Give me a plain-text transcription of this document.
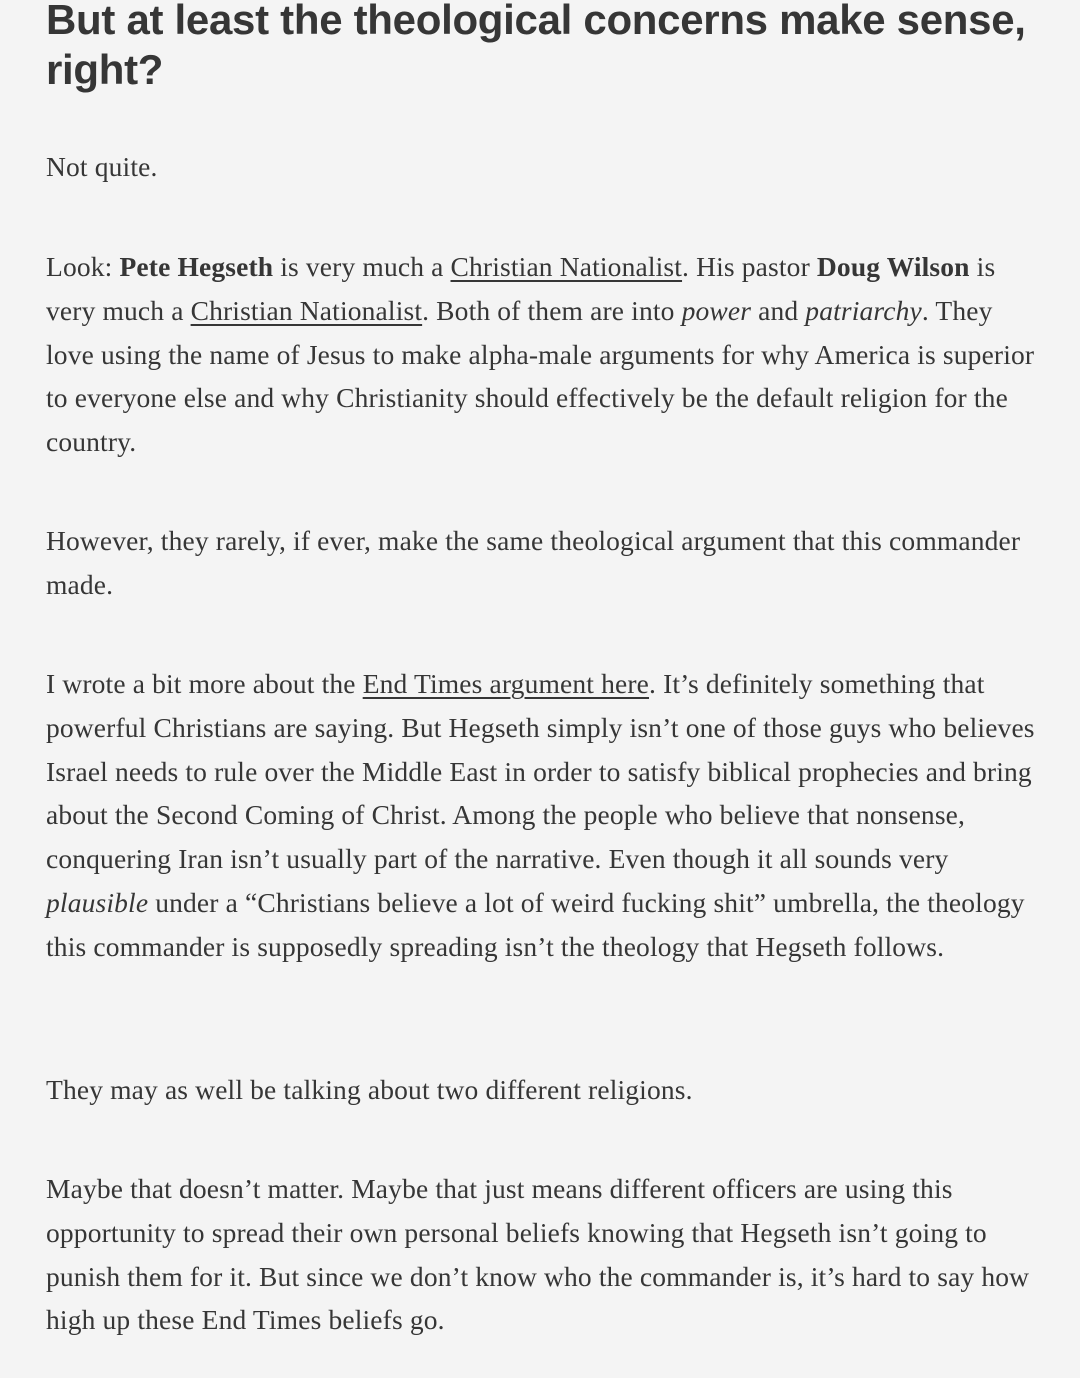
But at least the theological concerns make sense, right?

Not quite.

Look: Pete Hegseth is very much a Christian Nationalist. His pastor Doug Wilson is very much a Christian Nationalist. Both of them are into power and patriarchy. They love using the name of Jesus to make alpha-male arguments for why America is superior to everyone else and why Christianity should effectively be the default religion for the country.

However, they rarely, if ever, make the same theological argument that this commander made.

I wrote a bit more about the End Times argument here. It’s definitely something that powerful Christians are saying. But Hegseth simply isn’t one of those guys who believes Israel needs to rule over the Middle East in order to satisfy biblical prophecies and bring about the Second Coming of Christ. Among the people who believe that nonsense, conquering Iran isn’t usually part of the narrative. Even though it all sounds very plausible under a “Christians believe a lot of weird fucking shit” umbrella, the theology this commander is supposedly spreading isn’t the theology that Hegseth follows.

They may as well be talking about two different religions.

Maybe that doesn’t matter. Maybe that just means different officers are using this opportunity to spread their own personal beliefs knowing that Hegseth isn’t going to punish them for it. But since we don’t know who the commander is, it’s hard to say how high up these End Times beliefs go.
